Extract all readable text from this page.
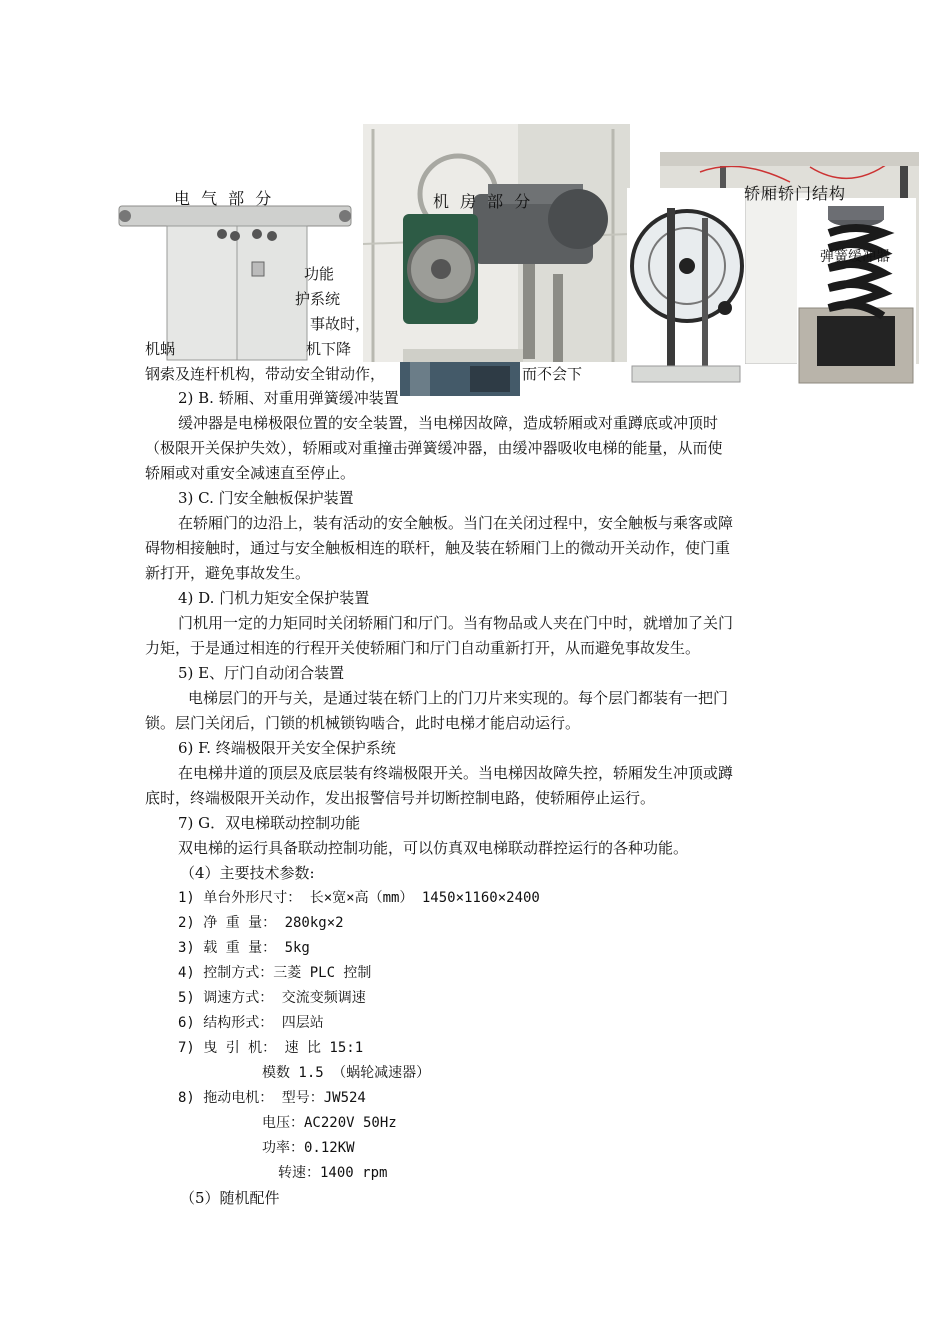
电 气 部 分	机 房 部 分	轿厢轿门结构
弹簧缓冲器
功能
护系统
事故时，
机蜗	机下降
钢索及连杆机构，带动安全钳动作，	而不会下
2) B. 轿厢、对重用弹簧缓冲装置
缓冲器是电梯极限位置的安全装置，当电梯因故障，造成轿厢或对重蹲底或冲顶时
（极限开关保护失效），轿厢或对重撞击弹簧缓冲器，由缓冲器吸收电梯的能量，从而使
轿厢或对重安全减速直至停止。
3) C. 门安全触板保护装置
在轿厢门的边沿上，装有活动的安全触板。当门在关闭过程中，安全触板与乘客或障
碍物相接触时，通过与安全触板相连的联杆，触及装在轿厢门上的微动开关动作，使门重
新打开，避免事故发生。
4) D. 门机力矩安全保护装置
门机用一定的力矩同时关闭轿厢门和厅门。当有物品或人夹在门中时，就增加了关门
力矩，于是通过相连的行程开关使轿厢门和厅门自动重新打开，从而避免事故发生。
5) E、厅门自动闭合装置
电梯层门的开与关，是通过装在轿门上的门刀片来实现的。每个层门都装有一把门
锁。层门关闭后，门锁的机械锁钩啮合，此时电梯才能启动运行。
6) F. 终端极限开关安全保护系统
在电梯井道的顶层及底层装有终端极限开关。当电梯因故障失控，轿厢发生冲顶或蹲
底时，终端极限开关动作，发出报警信号并切断控制电路，使轿厢停止运行。
7) G．双电梯联动控制功能
双电梯的运行具备联动控制功能，可以仿真双电梯联动群控运行的各种功能。
（4）主要技术参数:
1) 单台外形尺寸： 长×宽×高（mm） 1450×1160×2400
2) 净 重 量： 280kg×2
3) 载 重 量： 5kg
4) 控制方式：三菱 PLC 控制
5) 调速方式： 交流变频调速
6) 结构形式： 四层站
7) 曳 引 机： 速 比 15:1
模数 1.5 （蜗轮减速器）
8) 拖动电机： 型号：JW524
电压：AC220V 50Hz
功率：0.12KW
转速：1400 rpm
（5）随机配件
